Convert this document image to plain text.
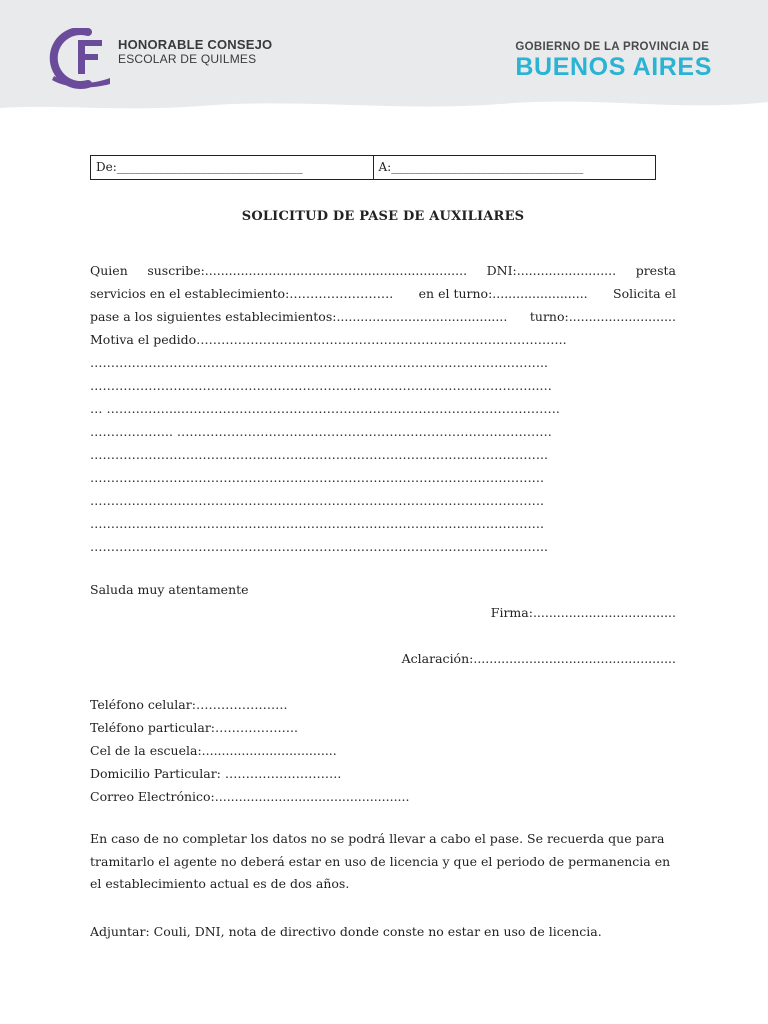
HONORABLE CONSEJO
ESCOLAR DE QUILMES
GOBIERNO DE LA PROVINCIA DE
BUENOS AIRES
De:_______________________________	A:________________________________
SOLICITUD DE PASE DE AUXILIARES
Quien suscribe:.................................................................. DNI:......................... presta
servicios en el establecimiento:……………………. en el turno:........................ Solicita el
pase a los siguientes establecimientos:........................................... turno:...........................
Motiva el pedido……………………………………………………………………………..
………………………………………………………………………………………………..
……………………………………………………………………………………………...…
… ……………...……………………………………………………………………………….
……………….. ………………………………………………………………………………
………………………………………………………………………………………………..
……………………………………………………………………………………………….
……………………………………………………………………………………………….
……………………………………………………………………………………………….
………………………………………………………………………………………………..
Saluda muy atentamente
Firma:....................................
Aclaración:...................................................
Teléfono celular:………………….
Teléfono particular:………………..
Cel de la escuela:..................................
Domicilio Particular: ……………………….
Correo Electrónico:.................................................
En caso de no completar los datos no se podrá llevar a cabo el pase. Se recuerda que para tramitarlo el agente no deberá estar en uso de licencia y que el periodo de permanencia en el establecimiento actual es de dos años.
Adjuntar: Couli, DNI, nota de directivo donde conste no estar en uso de licencia.
